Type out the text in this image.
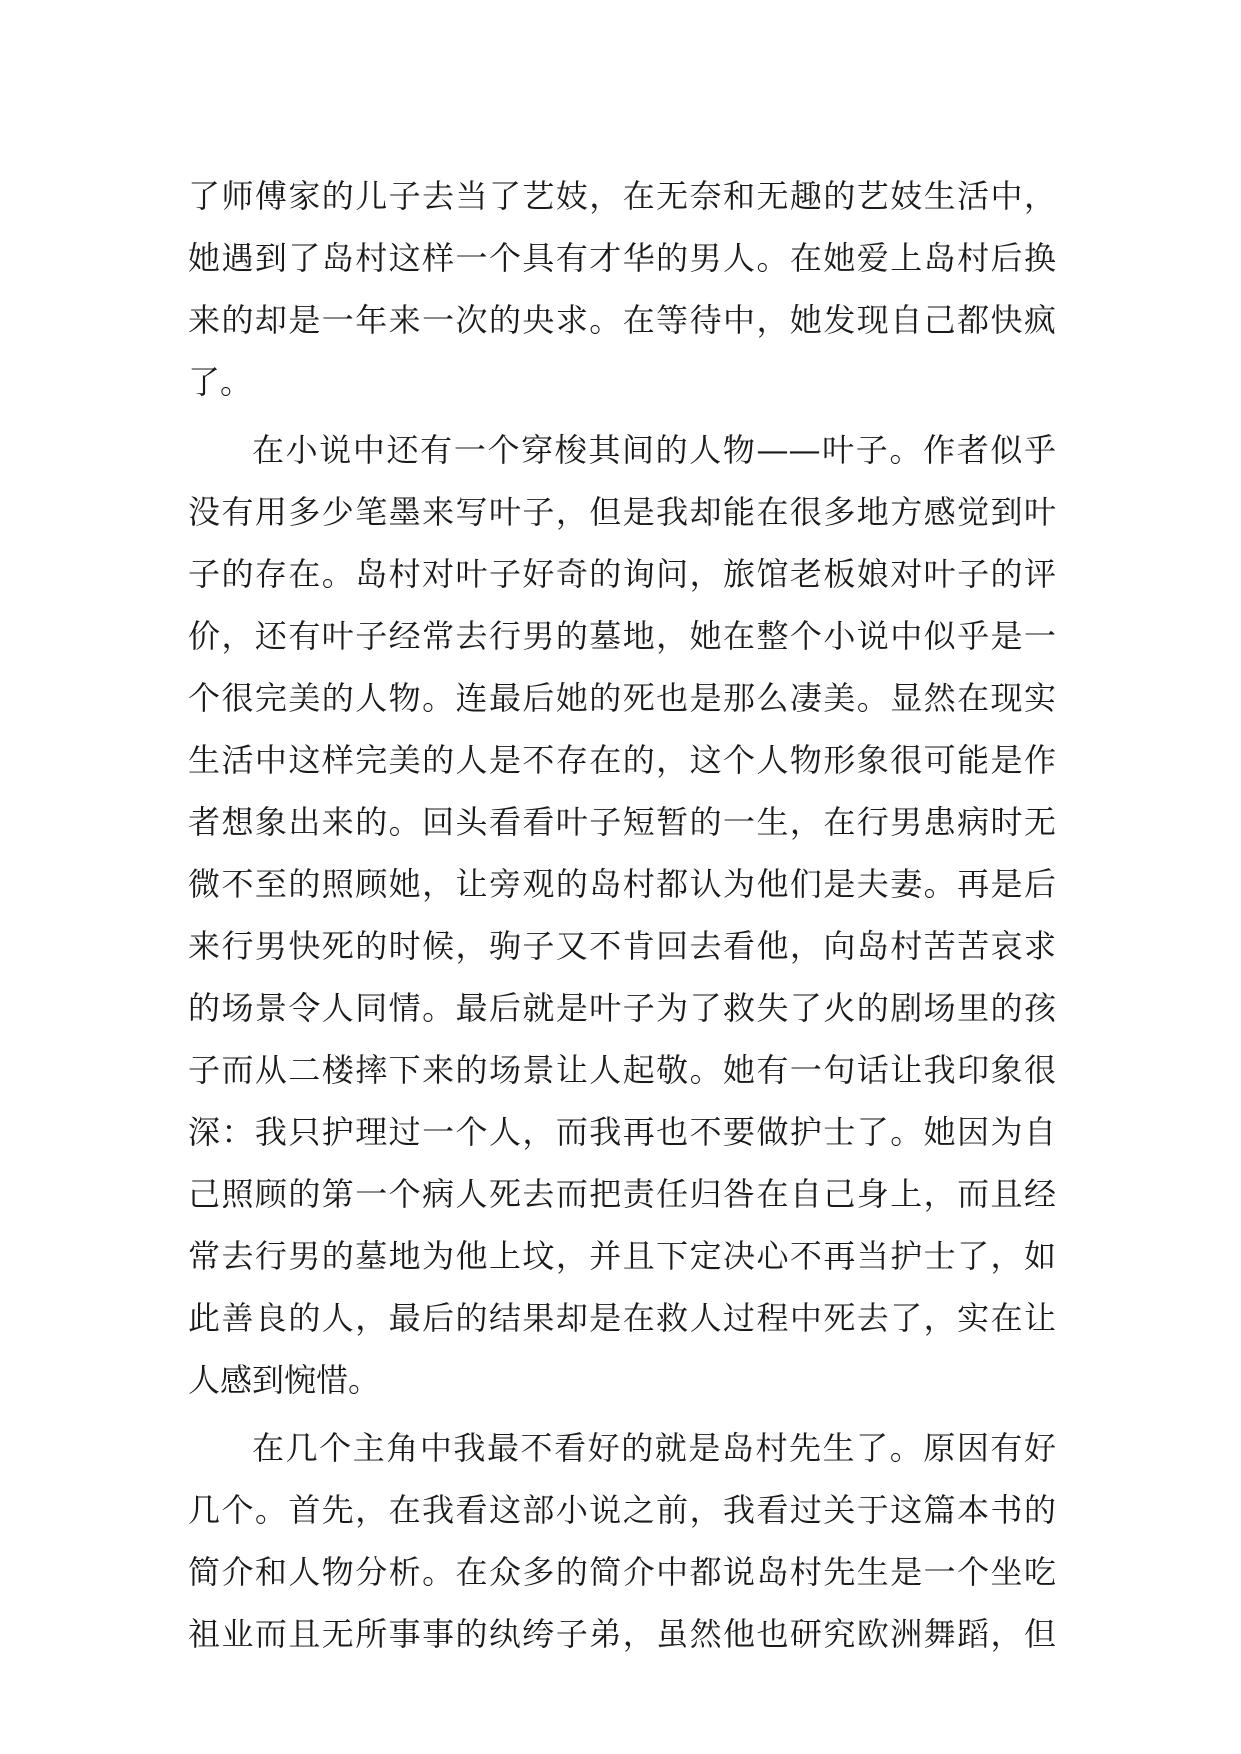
了师傅家的儿子去当了艺妓，在无奈和无趣的艺妓生活中，
她遇到了岛村这样一个具有才华的男人。在她爱上岛村后换
来的却是一年来一次的央求。在等待中，她发现自己都快疯
了。
在小说中还有一个穿梭其间的人物——叶子。作者似乎
没有用多少笔墨来写叶子，但是我却能在很多地方感觉到叶
子的存在。岛村对叶子好奇的询问，旅馆老板娘对叶子的评
价，还有叶子经常去行男的墓地，她在整个小说中似乎是一
个很完美的人物。连最后她的死也是那么凄美。显然在现实
生活中这样完美的人是不存在的，这个人物形象很可能是作
者想象出来的。回头看看叶子短暂的一生，在行男患病时无
微不至的照顾她，让旁观的岛村都认为他们是夫妻。再是后
来行男快死的时候，驹子又不肯回去看他，向岛村苦苦哀求
的场景令人同情。最后就是叶子为了救失了火的剧场里的孩
子而从二楼摔下来的场景让人起敬。她有一句话让我印象很
深：我只护理过一个人，而我再也不要做护士了。她因为自
己照顾的第一个病人死去而把责任归咎在自己身上，而且经
常去行男的墓地为他上坟，并且下定决心不再当护士了，如
此善良的人，最后的结果却是在救人过程中死去了，实在让
人感到惋惜。
在几个主角中我最不看好的就是岛村先生了。原因有好
几个。首先，在我看这部小说之前，我看过关于这篇本书的
简介和人物分析。在众多的简介中都说岛村先生是一个坐吃
祖业而且无所事事的纨绔子弟，虽然他也研究欧洲舞蹈，但
